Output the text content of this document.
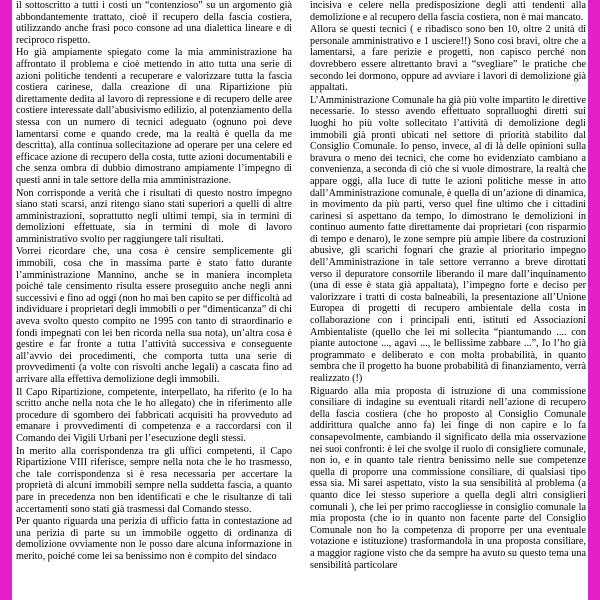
il sottoscritto a tutti i costi un “contenzioso” su un argomento già abbondantemente trattato, cioè il recupero della fascia costiera, utilizzando anche frasi poco consone ad una dialettica lineare e di reciproco rispetto.

Ho già ampiamente spiegato come la mia amministrazione ha affrontato il problema e cioè mettendo in atto tutta una serie di azioni politiche tendenti a recuperare e valorizzare tutta la fascia costiera carinese, dalla creazione di una Ripartizione più direttamente dedita al lavoro di repressione e di recupero delle aree costiere interessate dall’abusivismo edilizio, al potenziamento della stessa con un numero di tecnici adeguato (ognuno poi deve lamentarsi come e quando crede, ma la realtà è quella da me descritta), alla continua sollecitazione ad operare per una celere ed efficace azione di recupero della costa, tutte azioni documentabili e che senza ombra di dubbio dimostrano ampiamente l’impegno di questi anni in tale settore della mia amministrazione.

Non corrisponde a verità che i risultati di questo nostro impegno siano stati scarsi, anzi ritengo siano stati superiori a quelli di altre amministrazioni, soprattutto negli ultimi tempi, sia in termini di demolizioni effettuate, sia in termini di mole di lavoro amministrativo svolto per raggiungere tali risultati.

Vorrei ricordare che, una cosa è censire semplicemente gli immobili, cosa che in massima parte è stato fatto durante l’amministrazione Mannino, anche se in maniera incompleta poiché tale censimento risulta essere proseguito anche negli anni successivi e fino ad oggi (non ho mai ben capito se per difficoltà ad individuare i proprietari degli immobili o per “dimenticanza” di chi aveva svolto questo compito ne 1995 con tanto di straordinario e fondi impegnati con lei ben ricorda nella sua nota), un’altra cosa è gestire e far fronte a tutta l’attività successiva e conseguente all’avvio dei procedimenti, che comporta tutta una serie di provvedimenti (a volte con risvolti anche legali) a cascata fino ad arrivare alla effettiva demolizione degli immobili.

Il Capo Ripartizione, competente, interpellato, ha riferito (e lo ha scritto anche nella nota che le ho allegato) che in riferimento alle procedure di sgombero dei fabbricati acquisiti ha provveduto ad emanare i provvedimenti di competenza e a raccordarsi con il Comando dei Vigili Urbani per l’esecuzione degli stessi.

In merito alla corrispondenza tra gli uffici competenti, il Capo Ripartizione VIII riferisce, sempre nella nota che le ho trasmesso, che tale corrispondenza si è resa necessaria per accertare la proprietà di alcuni immobili sempre nella suddetta fascia, a quanto pare in precedenza non ben identificati e che le risultanze di tali accertamenti sono stati già trasmessi dal Comando stesso.

Per quanto riguarda una perizia di ufficio fatta in contestazione ad una perizia di parte su un immobile oggetto di ordinanza di demolizione ovviamente non le posso dare alcuna informazione in merito, poiché come lei sa benissimo non è compito del sindaco

incisiva e celere nella predisposizione degli atti tendenti alla demolizione e al recupero della fascia costiera, non è mai mancato.

Allora se questi tecnici ( e ribadisco sono ben 10, oltre 2 unità di personale amministrativo e 1 usciere!!) Sono così bravi, oltre che a lamentarsi, a fare perizie e progetti, non capisco perché non dovrebbero essere altrettanto bravi a “svegliare” le pratiche che secondo lei dormono, oppure ad avviare i lavori di demolizione già appaltati.

L’Amministrazione Comunale ha già più volte impartito le direttive necessarie. Io stesso avendo effettuato sopralluoghi diretti sui luoghi ho più volte sollecitato l’attività di demolizione degli immobili già pronti ubicati nel settore di priorità stabilito dal Consiglio Comunale. Io penso, invece, al di là delle opinioni sulla bravura o meno dei tecnici, che come ho evidenziato cambiano a convenienza, a seconda di ciò che si vuole dimostrare, la realtà che appare oggi, alla luce di tutte le azioni politiche messe in atto dall’Amministrazione comunale, è quella di un’azione di dinamica, in movimento da più parti, verso quel fine ultimo che i cittadini carinesi si aspettano da tempo, lo dimostrano le demolizioni in continuo aumento fatte direttamente dai proprietari (con risparmio di tempo e denaro), le zone sempre più ampie libere da costruzioni abusive, gli scarichi fognari che grazie al prioritario impegno dell’Amministrazione in tale settore verranno a breve dirottati verso il depuratore consortile liberando il mare dall’inquinamento (una di esse è stata già appaltata), l’impegno forte e deciso per valorizzare i tratti di costa balneabili, la presentazione all’Unione Europea di progetti di recupero ambientale della costa in collaborazione con i principali enti, istituti ed Associazioni Ambientaliste (quello che lei mi sollecita “piantumando .... con piante autoctone ..., agavi ..., le bellissime zabbare ...”, Io l’ho già programmato e deliberato e con molta probabilità, in quanto sembra che il progetto ha buone probabilità di finanziamento, verrà realizzato (!)

Riguardo alla mia proposta di istruzione di una commissione consiliare di indagine su eventuali ritardi nell’azione di recupero della fascia costiera (che ho proposto al Consiglio Comunale addirittura qualche anno fa) lei finge di non capire e lo fa consapevolmente, cambiando il significato della mia osservazione nei suoi confronti: è lei che svolge il ruolo di consigliere comunale, non io, e in quanto tale rientra benissimo nelle sue competenze quella di proporre una commissione consiliare, di qualsiasi tipo essa sia. Mi sarei aspettato, visto la sua sensibilità al problema (a quanto dice lei stesso superiore a quella degli altri consiglieri comunali ), che lei per primo raccogliesse in consiglio comunale la mia proposta (che io in quanto non facente parte del Consiglio Comunale non ho la competenza di proporre per una eventuale votazione e istituzione) trasformandola in una proposta consiliare, a maggior ragione visto che da sempre ha avuto su questo tema una sensibilità particolare
